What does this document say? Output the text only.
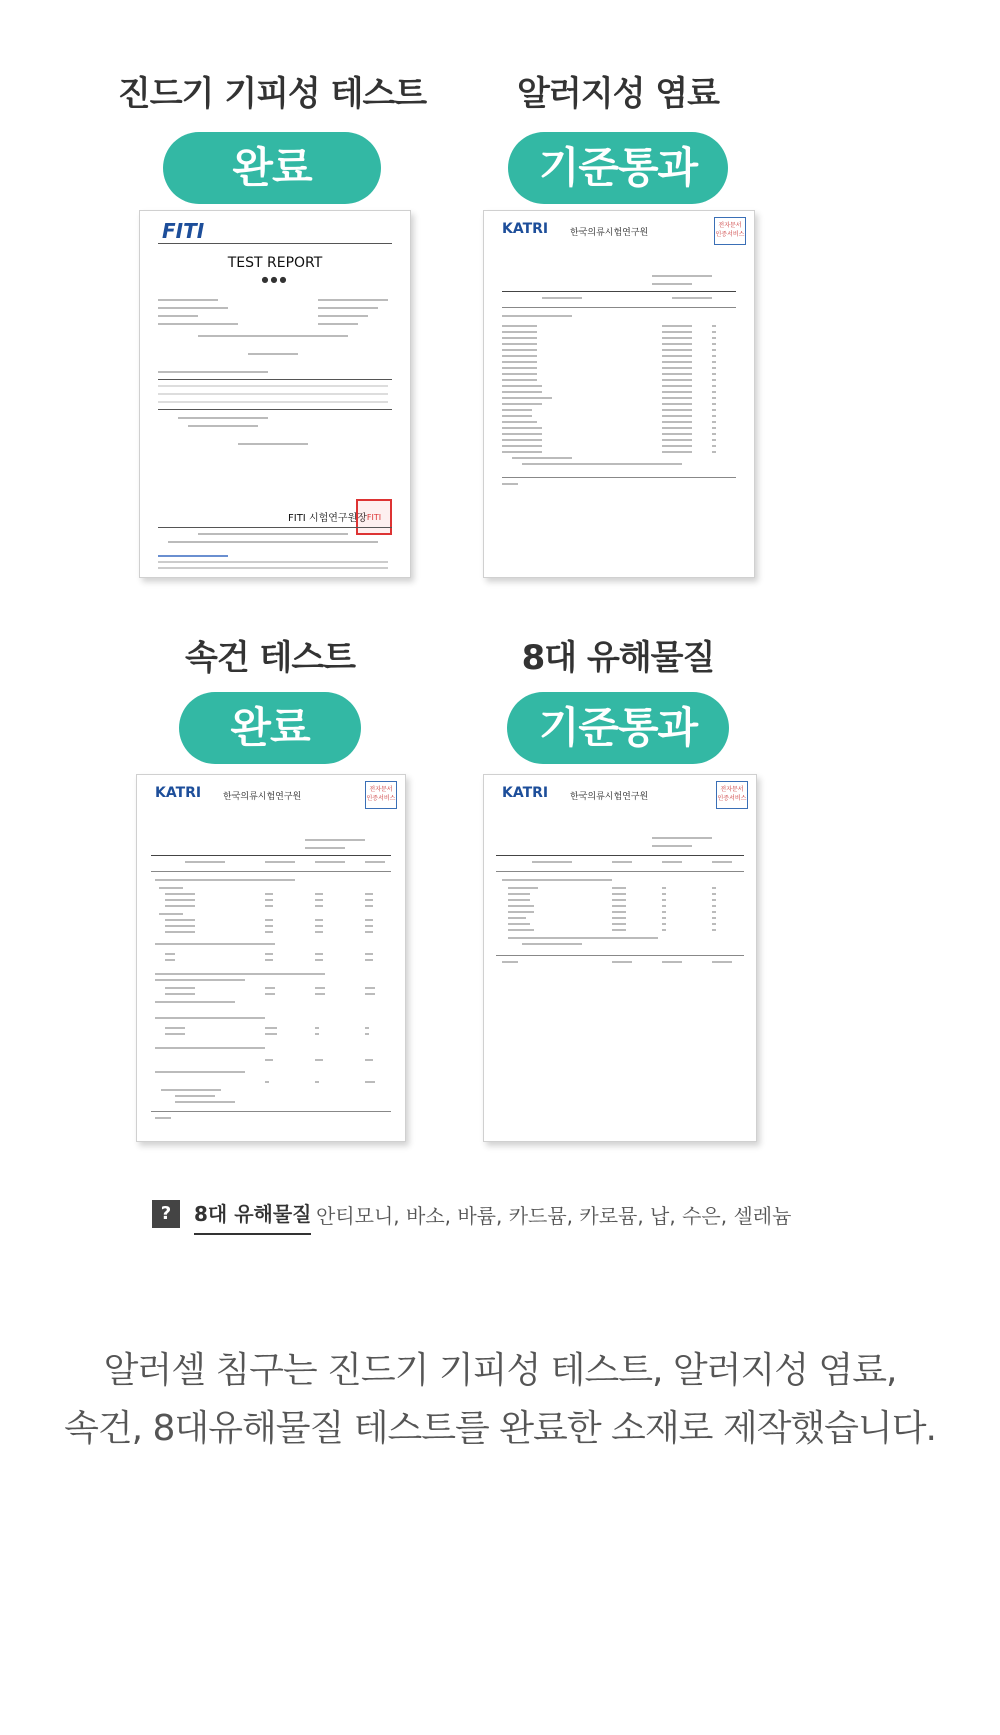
진드기 기피성 테스트
완료
알러지성 염료
기준통과
FITI
TEST REPORT
●●●
FITI 시험연구원장 FITI
KATRI 한국의류시험연구원
전자문서 인증서비스
속건 테스트
완료
8대 유해물질
기준통과
KATRI 한국의류시험연구원
전자문서 인증서비스	KATRI 한국의류시험연구원
전자문서 인증서비스
?	8대 유해물질 안티모니, 바소, 바륨, 카드뮴, 카로뮴, 납, 수은, 셀레늄
알러셀 침구는 진드기 기피성 테스트, 알러지성 염료,
속건, 8대유해물질 테스트를 완료한 소재로 제작했습니다.
